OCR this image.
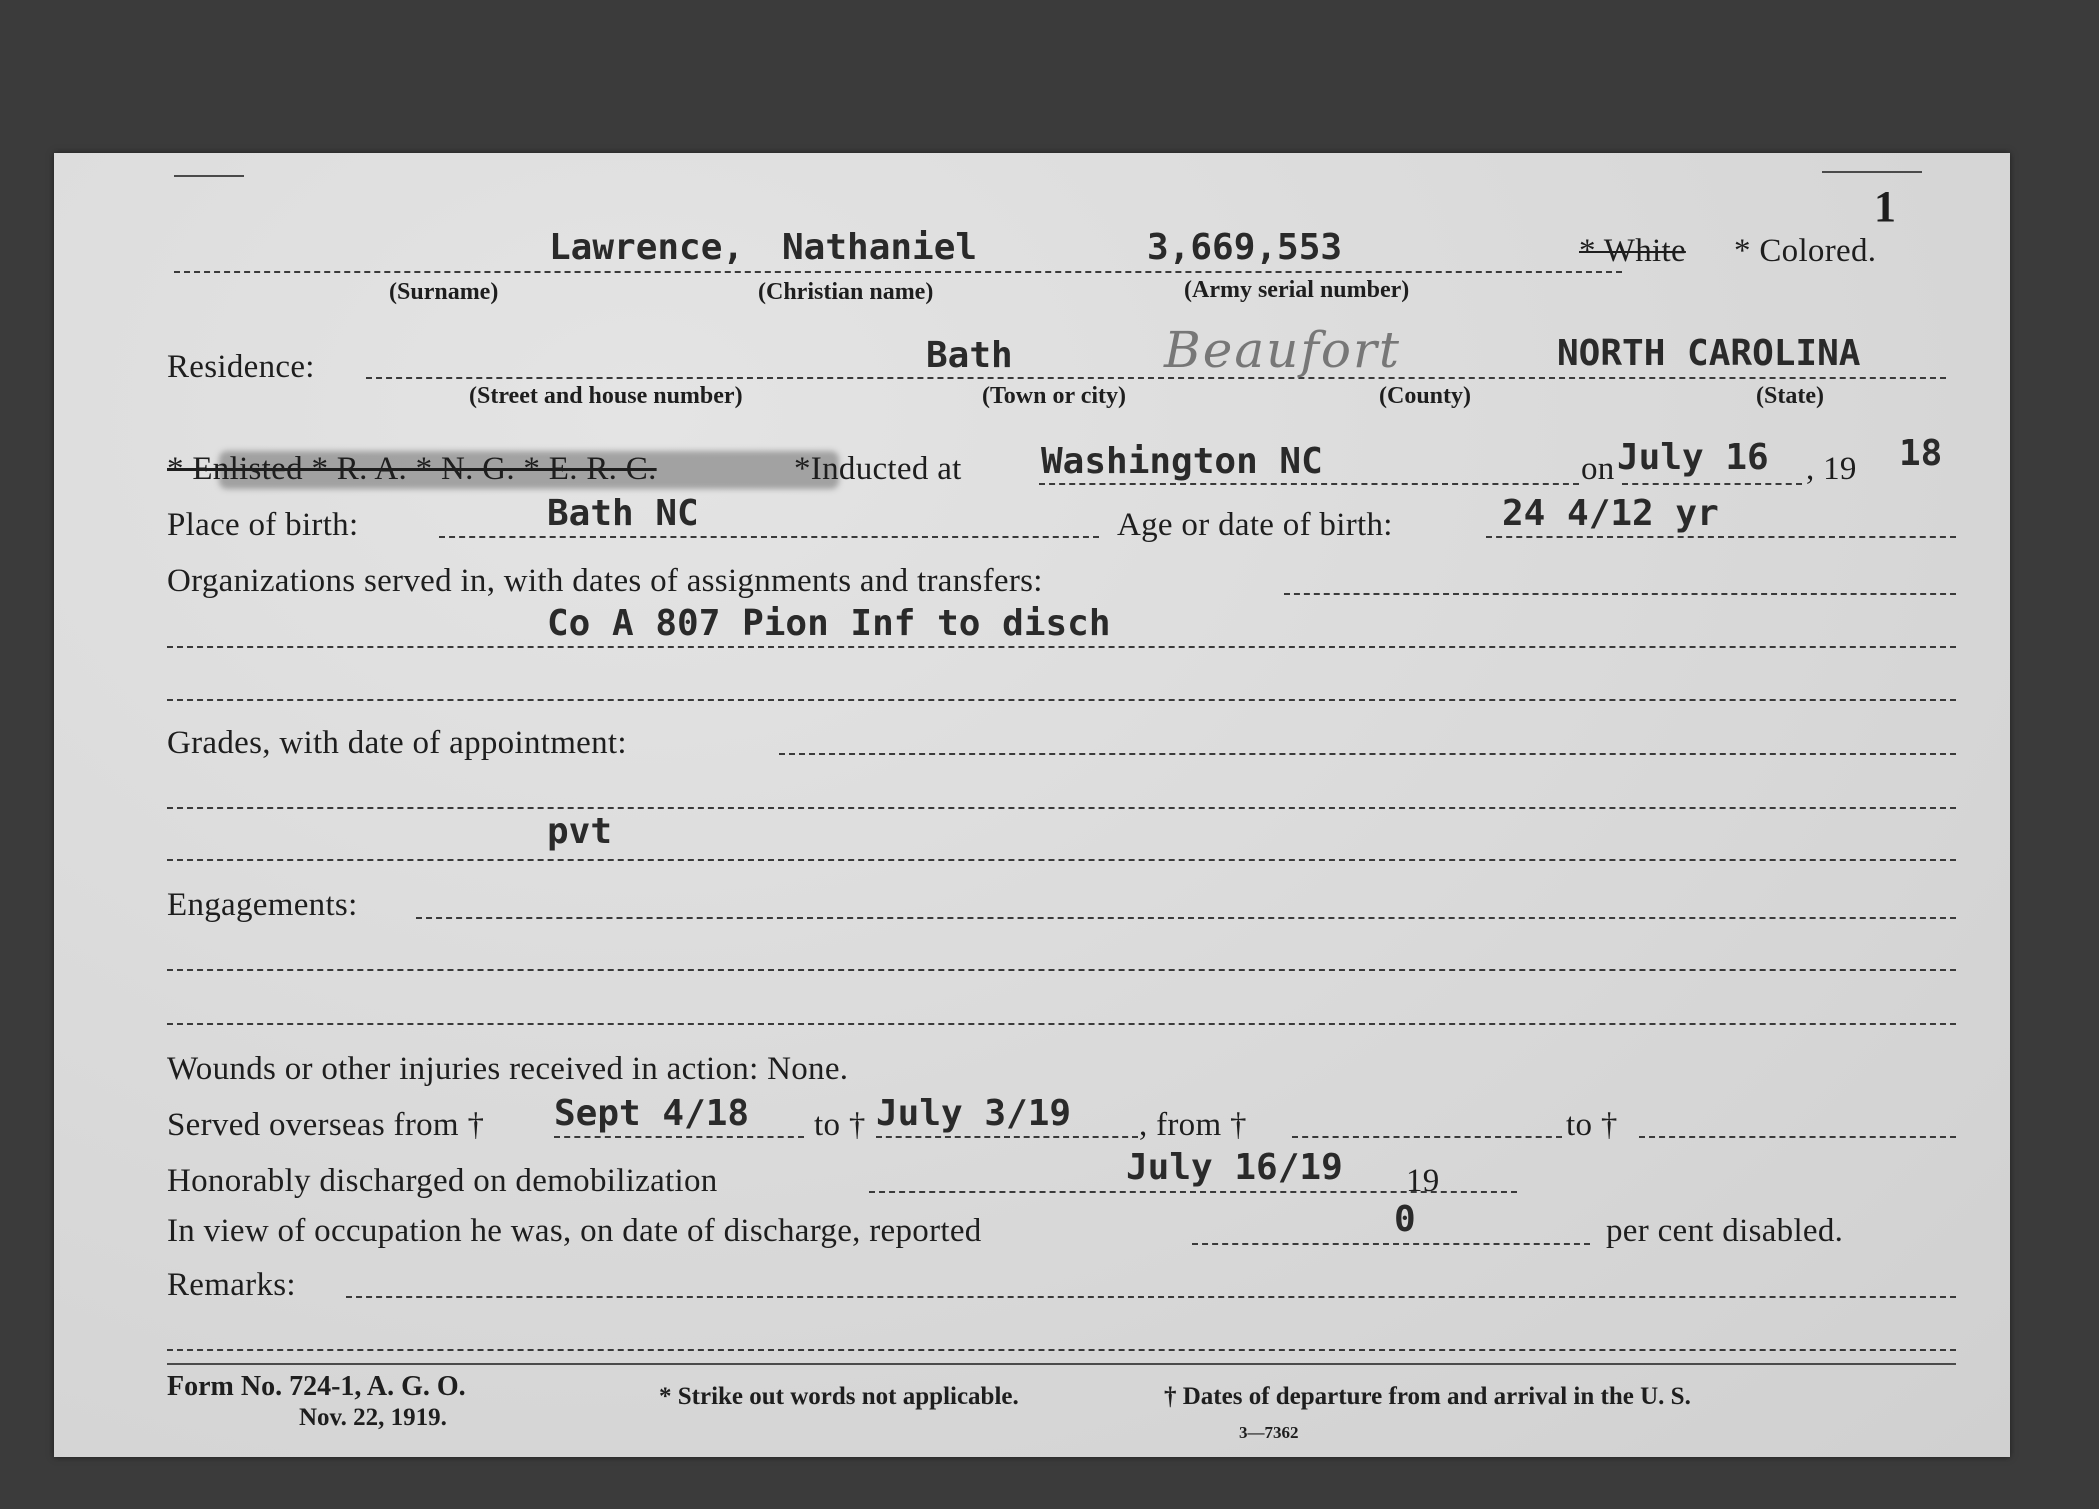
1
Lawrence, Nathaniel	3,669,553	* White * Colored.
(Surname)	(Christian name)	(Army serial number)
Residence:	Bath	Beaufort	NORTH CAROLINA
(Street and house number)	(Town or city)	(County)	(State)
* Enlisted * R. A. * N. G. * E. R. C.	*Inducted at Washington NC	on July 16 , 19 18
Place of birth:	Bath NC	Age or date of birth:	24 4/12 yr
Organizations served in, with dates of assignments and transfers:
Co A 807 Pion Inf to disch
Grades, with date of appointment:
pvt
Engagements:
Wounds or other injuries received in action: None.
Served overseas from † Sept 4/18 to † July 3/19 , from †	to †
Honorably discharged on demobilization	July 16/19 19
In view of occupation he was, on date of discharge, reported	0	per cent disabled.
Remarks:
Form No. 724-1, A. G. O.
Nov. 22, 1919.
* Strike out words not applicable.	† Dates of departure from and arrival in the U. S.
3—7362
